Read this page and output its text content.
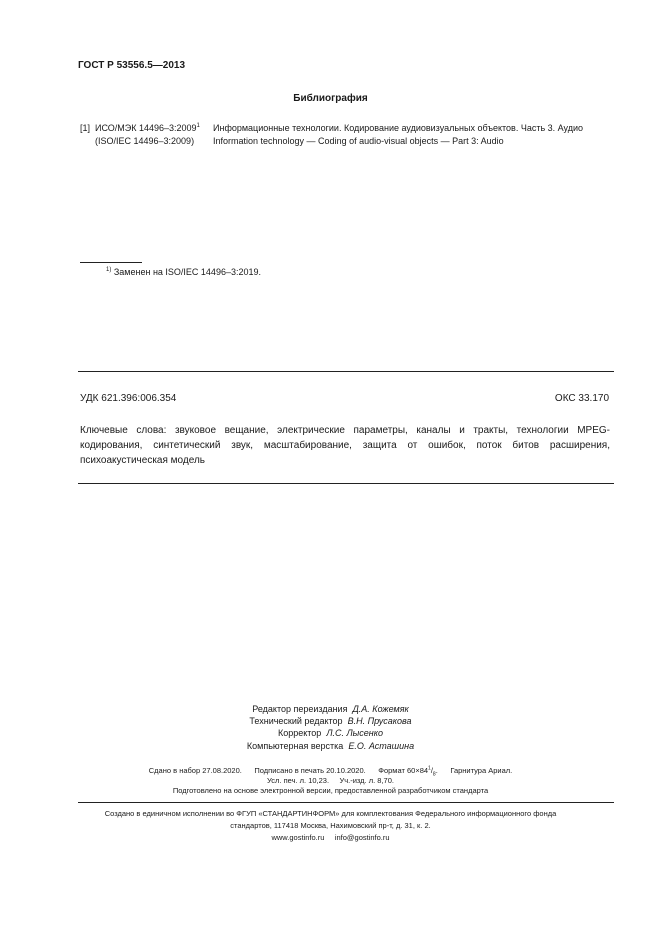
ГОСТ Р 53556.5—2013
Библиография
[1] ИСО/МЭК 14496–3:2009$^1$
(ISO/IEC 14496–3:2009)
Информационные технологии. Кодирование аудиовизуальных объектов. Часть 3. Аудио
Information technology — Coding of audio-visual objects — Part 3: Audio
$^{1)}$ Заменен на ISO/IEC 14496–3:2019.
УДК 621.396:006.354	ОКС 33.170
Ключевые слова: звуковое вещание, электрические параметры, каналы и тракты, технологии MPEG-
кодирования, синтетический звук, масштабирование, защита от ошибок, поток битов расширения,
психоакустическая модель
Редактор переиздания Д.А. Кожемяк
Технический редактор В.Н. Прусакова
Корректор Л.С. Лысенко
Компьютерная верстка Е.О. Асташина
Сдано в набор 27.08.2020. Подписано в печать 20.10.2020. Формат $60\times 84^1/_8$. Гарнитура Ариал.
Усл. печ. л. 10,23. Уч.-изд. л. 8,70.
Подготовлено на основе электронной версии, предоставленной разработчиком стандарта
Создано в единичном исполнении во ФГУП «СТАНДАРТИНФОРМ» для комплектования Федерального информационного фонда
стандартов, 117418 Москва, Нахимовский пр-т, д. 31, к. 2.
www.gostinfo.ru info@gostinfo.ru
